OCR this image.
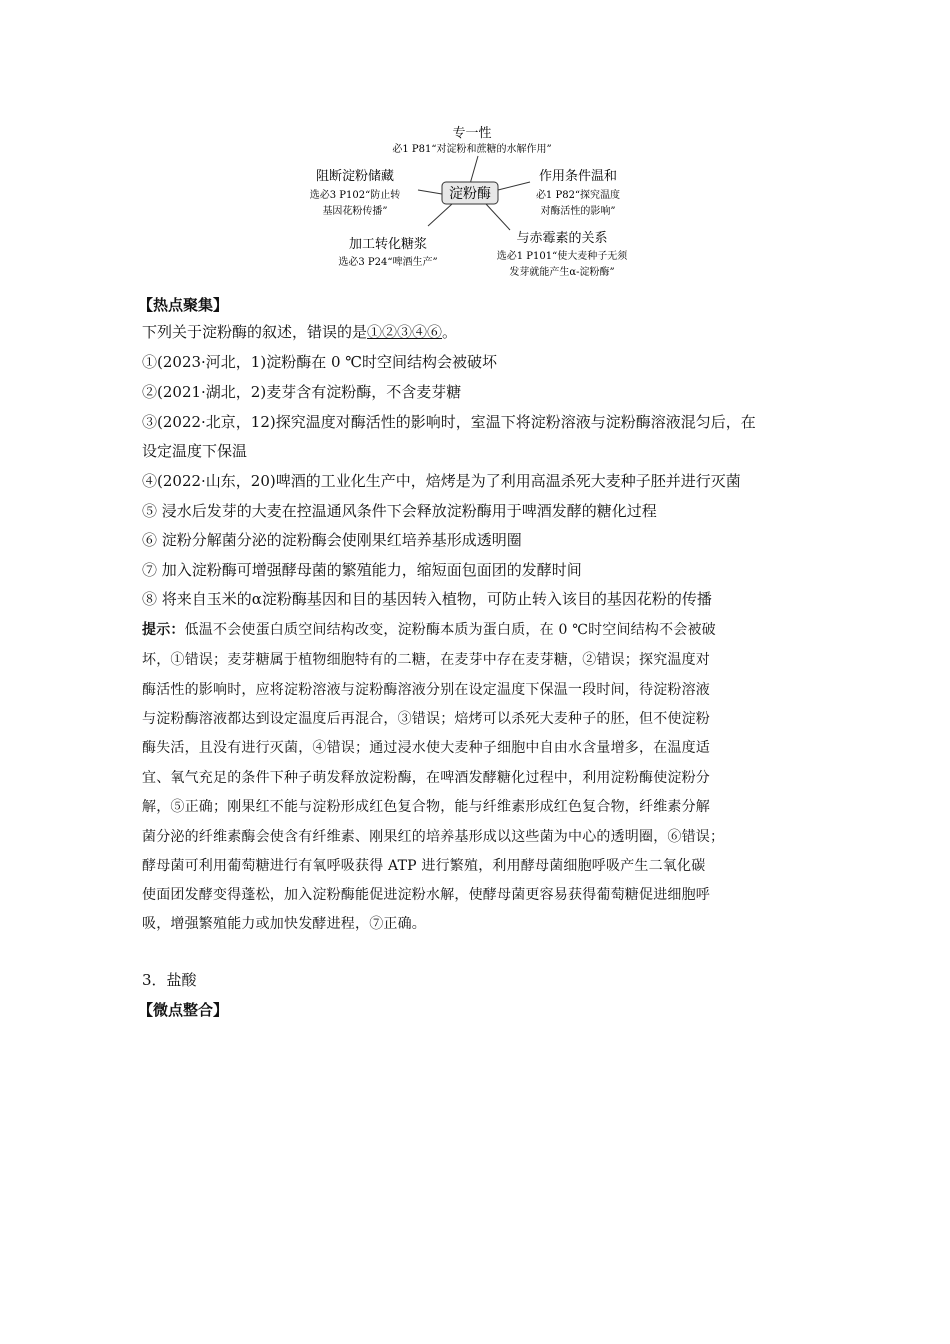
淀粉酶
专一性
必1 P81“对淀粉和蔗糖的水解作用”
阻断淀粉储藏
选必3 P102“防止转
基因花粉传播”
作用条件温和
必1 P82“探究温度
对酶活性的影响”
加工转化糖浆
选必3 P24“啤酒生产”
与赤霉素的关系
选必1 P101“使大麦种子无须
发芽就能产生α-淀粉酶”
【热点聚集】
下列关于淀粉酶的叙述，错误的是①②③④⑥。
①(2023·河北，1)淀粉酶在 0 ℃时空间结构会被破坏
②(2021·湖北，2)麦芽含有淀粉酶，不含麦芽糖
③(2022·北京，12)探究温度对酶活性的影响时，室温下将淀粉溶液与淀粉酶溶液混匀后，在
设定温度下保温
④(2022·山东，20)啤酒的工业化生产中，焙烤是为了利用高温杀死大麦种子胚并进行灭菌
⑤ 浸水后发芽的大麦在控温通风条件下会释放淀粉酶用于啤酒发酵的糖化过程
⑥ 淀粉分解菌分泌的淀粉酶会使刚果红培养基形成透明圈
⑦ 加入淀粉酶可增强酵母菌的繁殖能力，缩短面包面团的发酵时间
⑧ 将来自玉米的α淀粉酶基因和目的基因转入植物，可防止转入该目的基因花粉的传播
提示：低温不会使蛋白质空间结构改变，淀粉酶本质为蛋白质，在 0 ℃时空间结构不会被破
坏，①错误；麦芽糖属于植物细胞特有的二糖，在麦芽中存在麦芽糖，②错误；探究温度对
酶活性的影响时，应将淀粉溶液与淀粉酶溶液分别在设定温度下保温一段时间，待淀粉溶液
与淀粉酶溶液都达到设定温度后再混合，③错误；焙烤可以杀死大麦种子的胚，但不使淀粉
酶失活，且没有进行灭菌，④错误；通过浸水使大麦种子细胞中自由水含量增多，在温度适
宜、氧气充足的条件下种子萌发释放淀粉酶，在啤酒发酵糖化过程中，利用淀粉酶使淀粉分
解，⑤正确；刚果红不能与淀粉形成红色复合物，能与纤维素形成红色复合物，纤维素分解
菌分泌的纤维素酶会使含有纤维素、刚果红的培养基形成以这些菌为中心的透明圈，⑥错误；
酵母菌可利用葡萄糖进行有氧呼吸获得 ATP 进行繁殖，利用酵母菌细胞呼吸产生二氧化碳
使面团发酵变得蓬松，加入淀粉酶能促进淀粉水解，使酵母菌更容易获得葡萄糖促进细胞呼
吸，增强繁殖能力或加快发酵进程，⑦正确。
3．盐酸
【微点整合】
